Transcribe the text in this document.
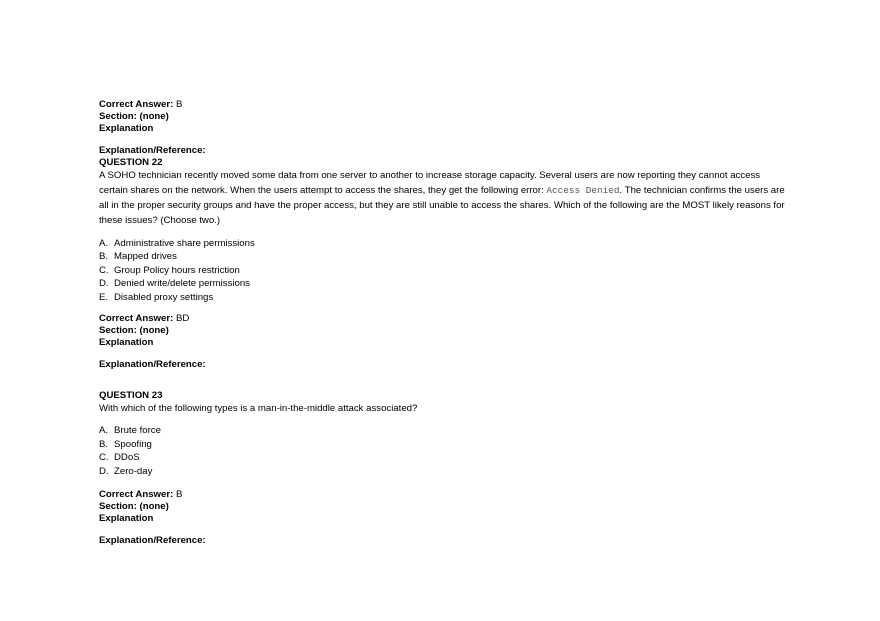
Correct Answer: B
Section: (none)
Explanation
Explanation/Reference:
QUESTION 22
A SOHO technician recently moved some data from one server to another to increase storage capacity. Several users are now reporting they cannot access certain shares on the network. When the users attempt to access the shares, they get the following error: Access Denied. The technician confirms the users are all in the proper security groups and have the proper access, but they are still unable to access the shares. Which of the following are the MOST likely reasons for these issues? (Choose two.)
A. Administrative share permissions
B. Mapped drives
C. Group Policy hours restriction
D. Denied write/delete permissions
E. Disabled proxy settings
Correct Answer: BD
Section: (none)
Explanation
Explanation/Reference:
QUESTION 23
With which of the following types is a man-in-the-middle attack associated?
A. Brute force
B. Spoofing
C. DDoS
D. Zero-day
Correct Answer: B
Section: (none)
Explanation
Explanation/Reference:
